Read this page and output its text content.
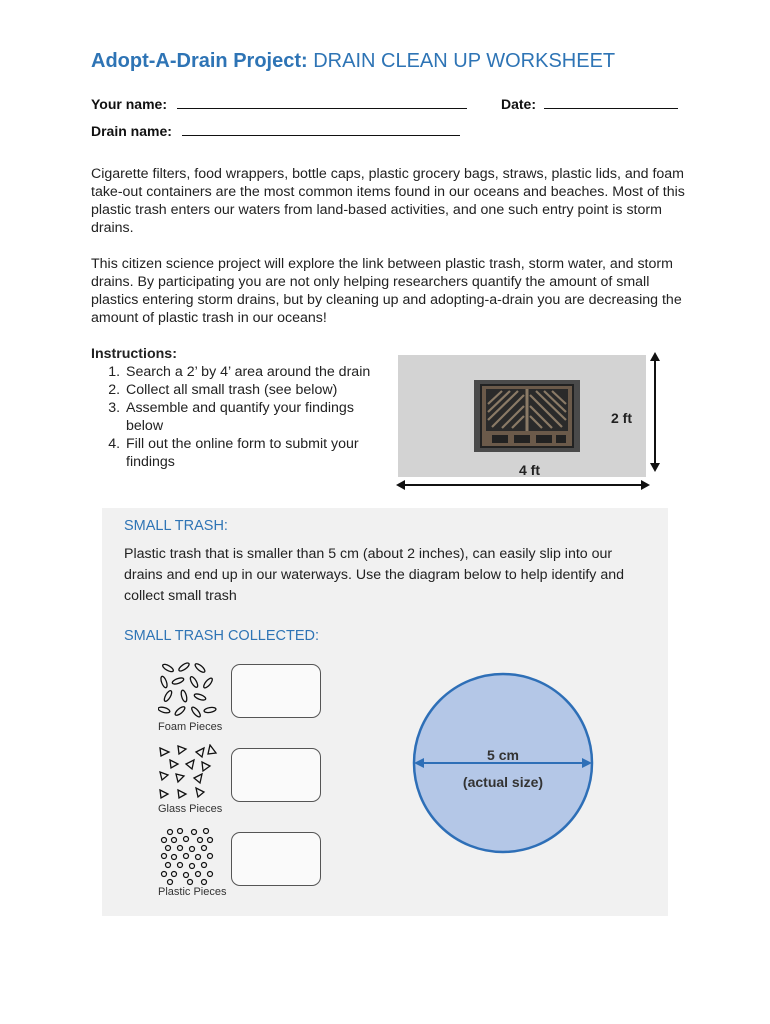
Adopt-A-Drain Project: DRAIN CLEAN UP WORKSHEET
Your name:	Date:
Drain name:
Cigarette filters, food wrappers, bottle caps, plastic grocery bags, straws, plastic lids, and foam take-out containers are the most common items found in our oceans and beaches. Most of this plastic trash enters our waters from land-based activities, and one such entry point is storm drains.
This citizen science project will explore the link between plastic trash, storm water, and storm drains. By participating you are not only helping researchers quantify the amount of small plastics entering storm drains, but by cleaning up and adopting-a-drain you are decreasing the amount of plastic trash in our oceans!
Instructions:
1. Search a 2’ by 4’ area around the drain
2. Collect all small trash (see below)
3. Assemble and quantify your findings below
4. Fill out the online form to submit your findings
2 ft
4 ft
SMALL TRASH:
Plastic trash that is smaller than 5 cm (about 2 inches), can easily slip into our drains and end up in our waterways. Use the diagram below to help identify and collect small trash
SMALL TRASH COLLECTED:
Foam Pieces
Glass Pieces
Plastic Pieces
5 cm
(actual size)
